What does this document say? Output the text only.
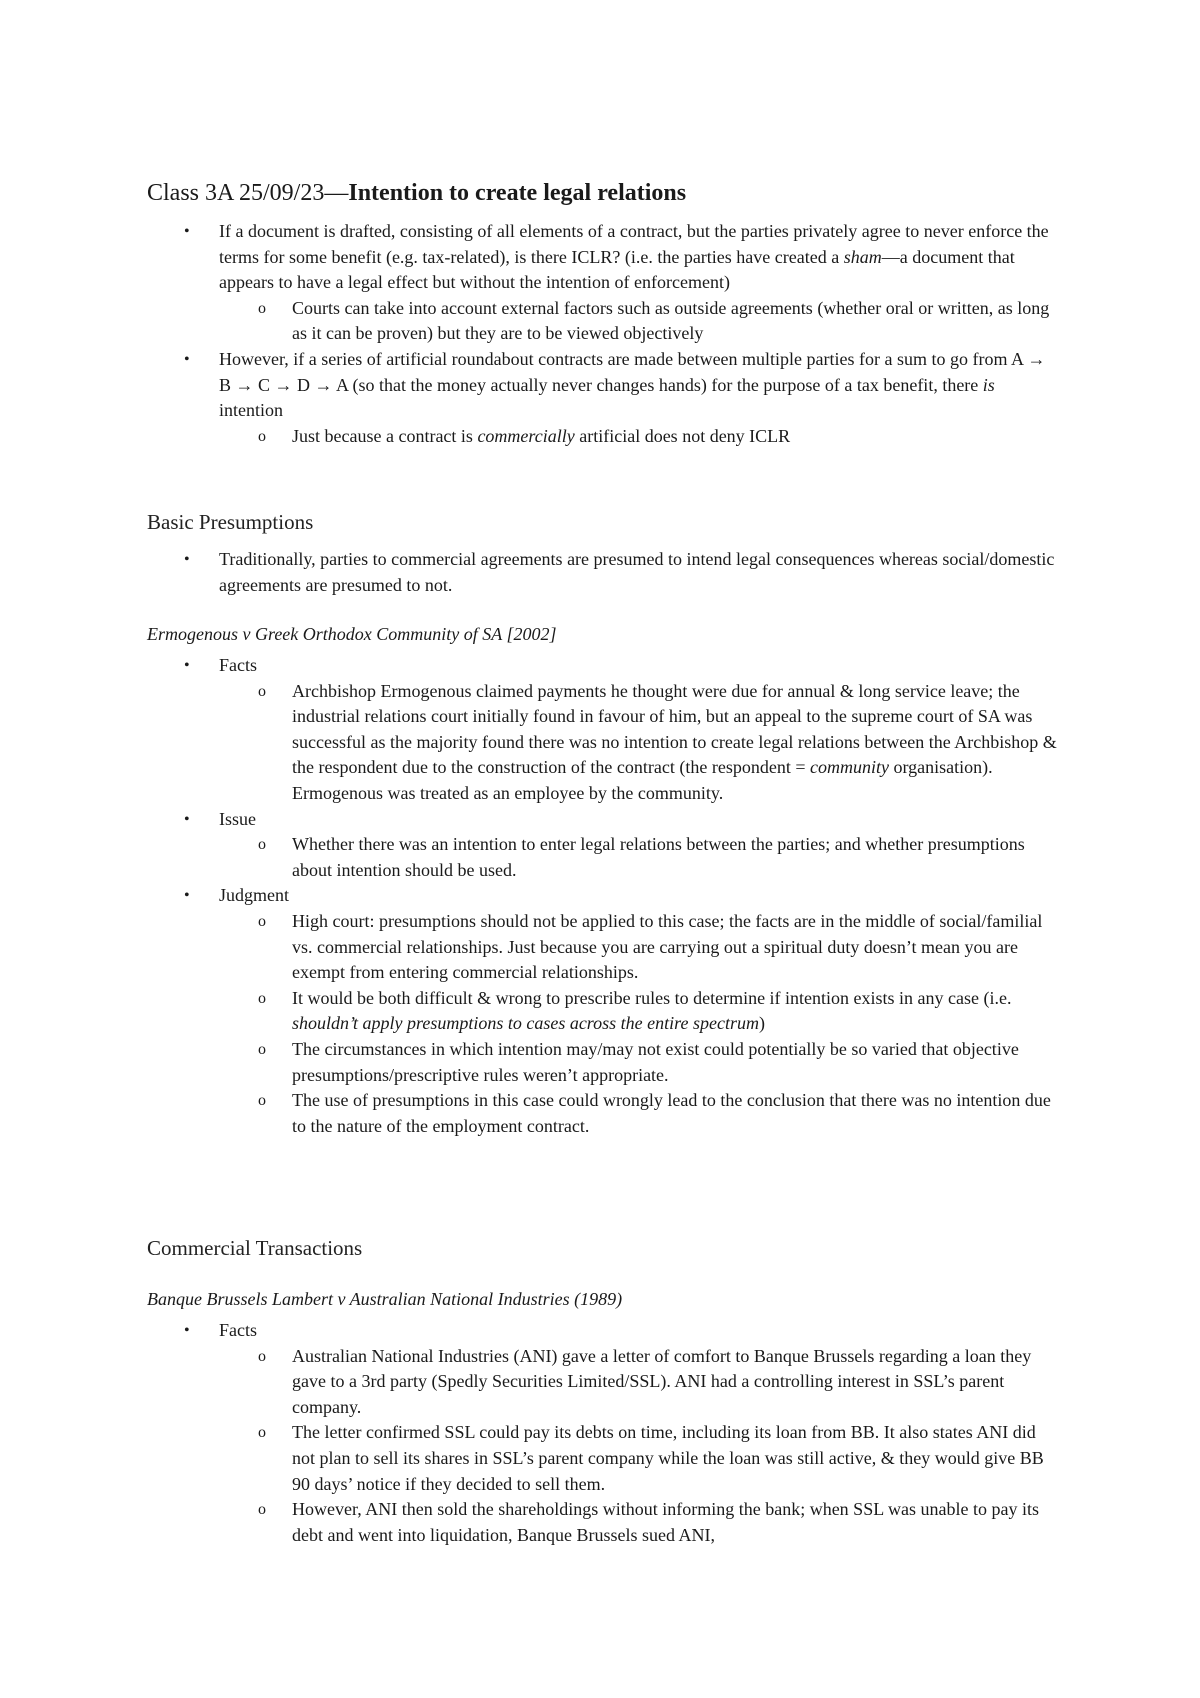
Class 3A 25/09/23—Intention to create legal relations
• If a document is drafted, consisting of all elements of a contract, but the parties privately agree to never enforce the terms for some benefit (e.g. tax-related), is there ICLR? (i.e. the parties have created a sham—a document that appears to have a legal effect but without the intention of enforcement)
o Courts can take into account external factors such as outside agreements (whether oral or written, as long as it can be proven) but they are to be viewed objectively
• However, if a series of artificial roundabout contracts are made between multiple parties for a sum to go from A → B → C → D → A (so that the money actually never changes hands) for the purpose of a tax benefit, there is intention
o Just because a contract is commercially artificial does not deny ICLR
Basic Presumptions
• Traditionally, parties to commercial agreements are presumed to intend legal consequences whereas social/domestic agreements are presumed to not.
Ermogenous v Greek Orthodox Community of SA [2002]
• Facts
o Archbishop Ermogenous claimed payments he thought were due for annual & long service leave; the industrial relations court initially found in favour of him, but an appeal to the supreme court of SA was successful as the majority found there was no intention to create legal relations between the Archbishop & the respondent due to the construction of the contract (the respondent = community organisation). Ermogenous was treated as an employee by the community.
• Issue
o Whether there was an intention to enter legal relations between the parties; and whether presumptions about intention should be used.
• Judgment
o High court: presumptions should not be applied to this case; the facts are in the middle of social/familial vs. commercial relationships. Just because you are carrying out a spiritual duty doesn’t mean you are exempt from entering commercial relationships.
o It would be both difficult & wrong to prescribe rules to determine if intention exists in any case (i.e. shouldn’t apply presumptions to cases across the entire spectrum)
o The circumstances in which intention may/may not exist could potentially be so varied that objective presumptions/prescriptive rules weren’t appropriate.
o The use of presumptions in this case could wrongly lead to the conclusion that there was no intention due to the nature of the employment contract.
Commercial Transactions
Banque Brussels Lambert v Australian National Industries (1989)
• Facts
o Australian National Industries (ANI) gave a letter of comfort to Banque Brussels regarding a loan they gave to a 3rd party (Spedly Securities Limited/SSL). ANI had a controlling interest in SSL’s parent company.
o The letter confirmed SSL could pay its debts on time, including its loan from BB. It also states ANI did not plan to sell its shares in SSL’s parent company while the loan was still active, & they would give BB 90 days’ notice if they decided to sell them.
o However, ANI then sold the shareholdings without informing the bank; when SSL was unable to pay its debt and went into liquidation, Banque Brussels sued ANI,
